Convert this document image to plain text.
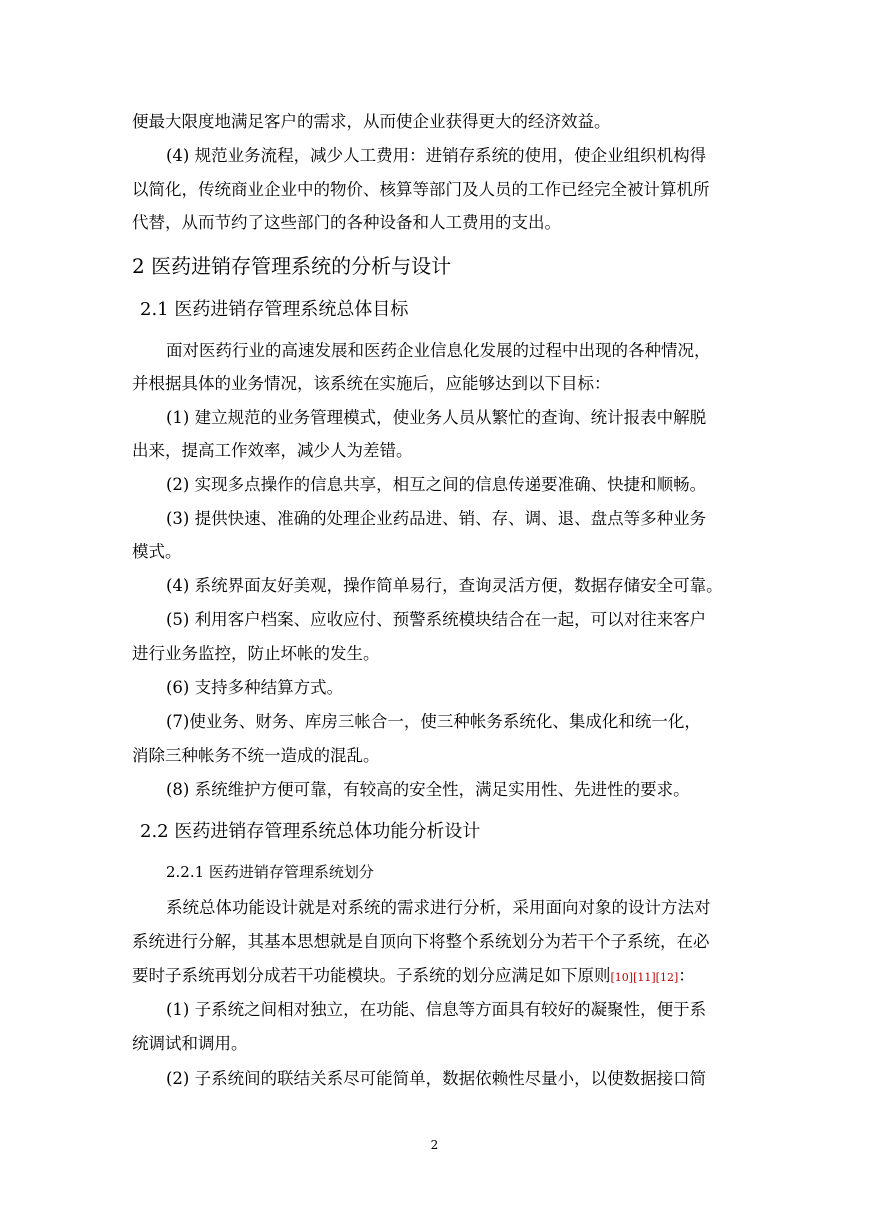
便最大限度地满足客户的需求，从而使企业获得更大的经济效益。
(4) 规范业务流程，减少人工费用：进销存系统的使用，使企业组织机构得
以简化，传统商业企业中的物价、核算等部门及人员的工作已经完全被计算机所
代替，从而节约了这些部门的各种设备和人工费用的支出。
2 医药进销存管理系统的分析与设计
2.1 医药进销存管理系统总体目标
面对医药行业的高速发展和医药企业信息化发展的过程中出现的各种情况，
并根据具体的业务情况，该系统在实施后，应能够达到以下目标：
(1) 建立规范的业务管理模式，使业务人员从繁忙的查询、统计报表中解脱
出来，提高工作效率，减少人为差错。
(2) 实现多点操作的信息共享，相互之间的信息传递要准确、快捷和顺畅。
(3) 提供快速、准确的处理企业药品进、销、存、调、退、盘点等多种业务
模式。
(4) 系统界面友好美观，操作简单易行，查询灵活方便，数据存储安全可靠。
(5) 利用客户档案、应收应付、预警系统模块结合在一起，可以对往来客户
进行业务监控，防止坏帐的发生。
(6) 支持多种结算方式。
(7)使业务、财务、库房三帐合一，使三种帐务系统化、集成化和统一化，
消除三种帐务不统一造成的混乱。
(8) 系统维护方便可靠，有较高的安全性，满足实用性、先进性的要求。
2.2 医药进销存管理系统总体功能分析设计
2.2.1 医药进销存管理系统划分
系统总体功能设计就是对系统的需求进行分析，采用面向对象的设计方法对
系统进行分解，其基本思想就是自顶向下将整个系统划分为若干个子系统，在必
要时子系统再划分成若干功能模块。子系统的划分应满足如下原则[10][11][12]：
(1) 子系统之间相对独立，在功能、信息等方面具有较好的凝聚性，便于系
统调试和调用。
(2) 子系统间的联结关系尽可能简单，数据依赖性尽量小，以使数据接口简
2
